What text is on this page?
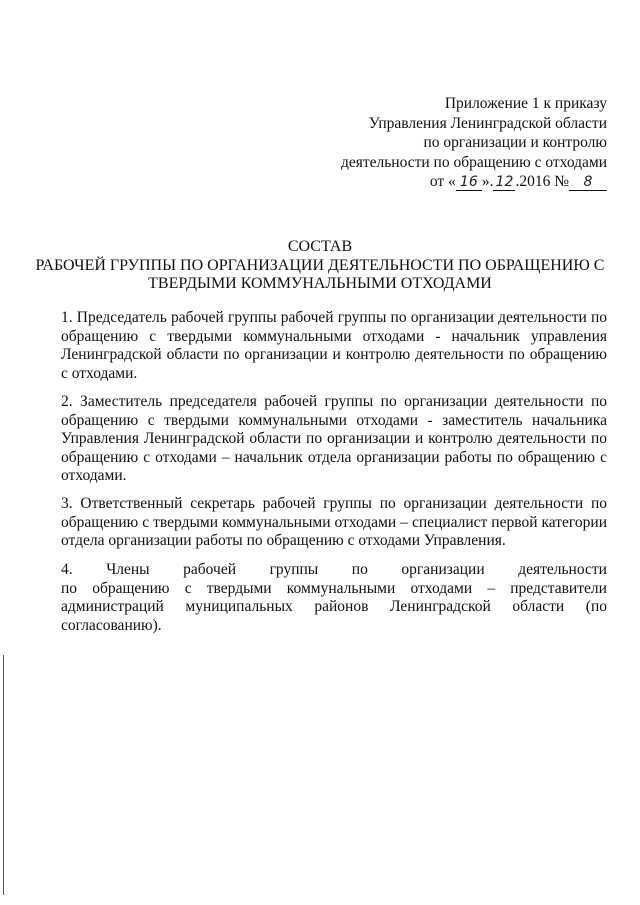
Приложение 1 к приказу
Управления Ленинградской области
по организации и контролю
деятельности по обращению с отходами
от « 16 ». 12 .2016 № 8
СОСТАВ
РАБОЧЕЙ ГРУППЫ ПО ОРГАНИЗАЦИИ ДЕЯТЕЛЬНОСТИ ПО ОБРАЩЕНИЮ С
ТВЕРДЫМИ КОММУНАЛЬНЫМИ ОТХОДАМИ
1. Председатель рабочей группы рабочей группы по организации деятельности по обращению с твердыми коммунальными отходами - начальник управления Ленинградской области по организации и контролю деятельности по обращению с отходами.
2. Заместитель председателя рабочей группы по организации деятельности по обращению с твердыми коммунальными отходами - заместитель начальника Управления Ленинградской области по организации и контролю деятельности по обращению с отходами – начальник отдела организации работы по обращению с отходами.
3. Ответственный секретарь рабочей группы по организации деятельности по обращению с твердыми коммунальными отходами – специалист первой категории отдела организации работы по обращению с отходами Управления.
4. Члены рабочей группы по организации деятельности
по обращению с твердыми коммунальными отходами – представители
администраций муниципальных районов Ленинградской области (по согласованию).
